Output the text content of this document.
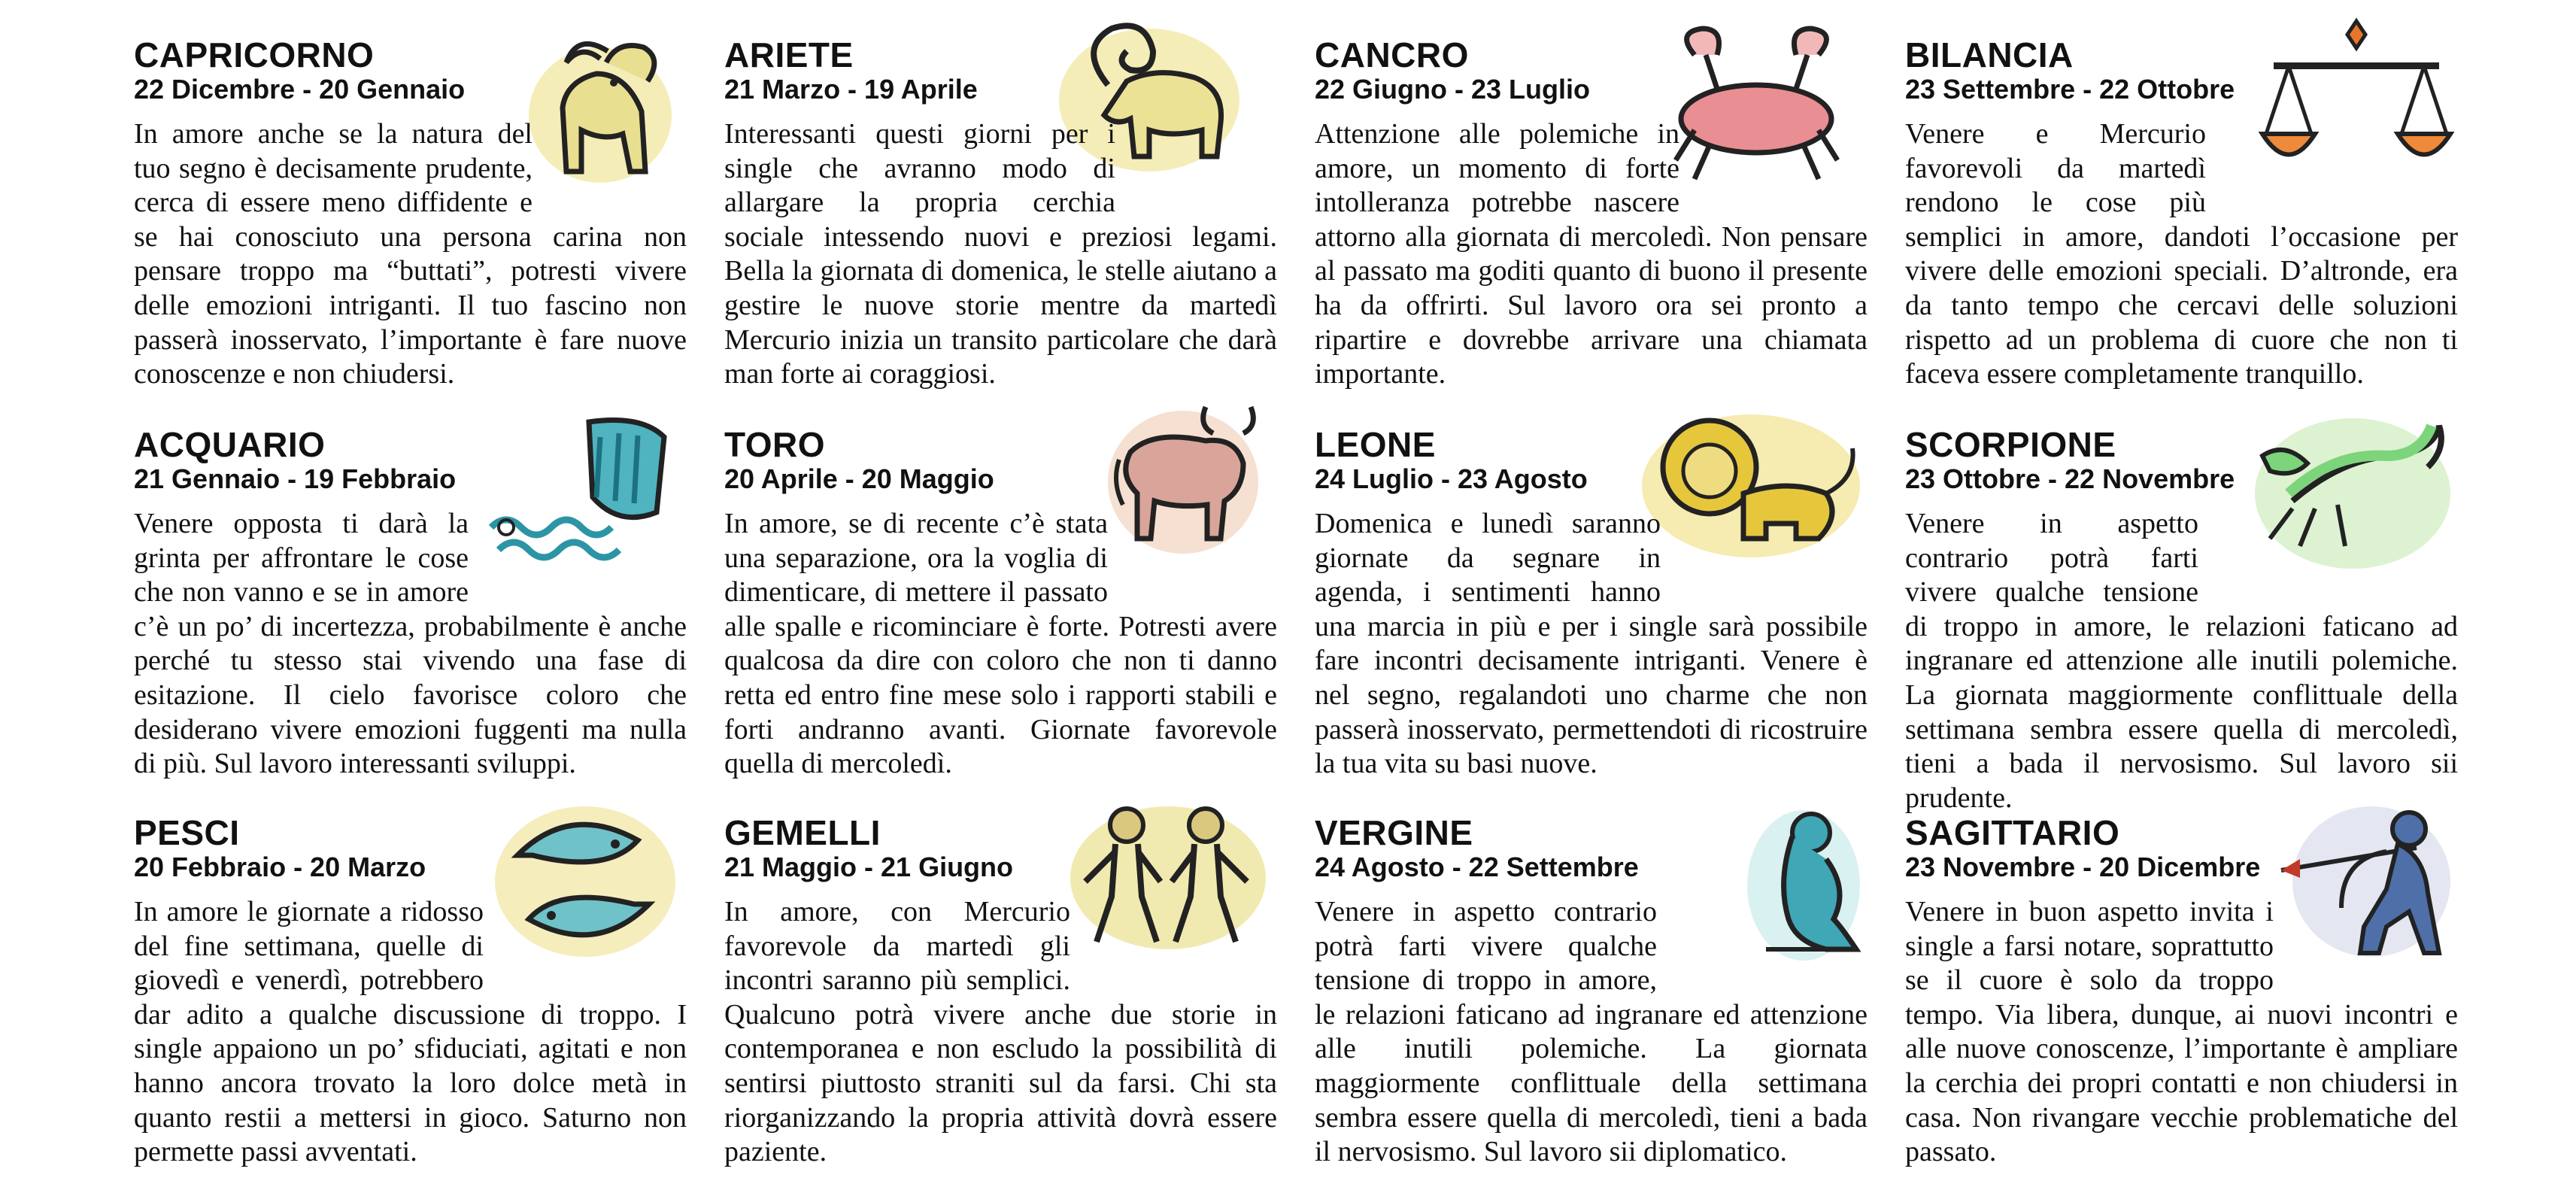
CAPRICORNO
22 Dicembre - 20 Gennaio

In amore anche se la natura del tuo segno è decisamente prudente, cerca di essere meno diffidente e se hai conosciuto una persona carina non pensare troppo ma “buttati”, potresti vivere delle emozioni intriganti. Il tuo fascino non passerà inosservato, l’importante è fare nuove conoscenze e non chiudersi.

ARIETE
21 Marzo - 19 Aprile

Interessanti questi giorni per i single che avranno modo di allargare la propria cerchia sociale intessendo nuovi e preziosi legami. Bella la giornata di domenica, le stelle aiutano a gestire le nuove storie mentre da martedì Mercurio inizia un transito particolare che darà man forte ai coraggiosi.

CANCRO
22 Giugno - 23 Luglio

Attenzione alle polemiche in amore, un momento di forte intolleranza potrebbe nascere attorno alla giornata di mercoledì. Non pensare al passato ma goditi quanto di buono il presente ha da offrirti. Sul lavoro ora sei pronto a ripartire e dovrebbe arrivare una chiamata importante.

BILANCIA
23 Settembre - 22 Ottobre

Venere e Mercurio favorevoli da martedì rendono le cose più semplici in amore, dandoti l’occasione per vivere delle emozioni speciali. D’altronde, era da tanto tempo che cercavi delle soluzioni rispetto ad un problema di cuore che non ti faceva essere completamente tranquillo.

ACQUARIO
21 Gennaio - 19 Febbraio

Venere opposta ti darà la grinta per affrontare le cose che non vanno e se in amore c’è un po’ di incertezza, probabilmente è anche perché tu stesso stai vivendo una fase di esitazione. Il cielo favorisce coloro che desiderano vivere emozioni fuggenti ma nulla di più. Sul lavoro interessanti sviluppi.

TORO
20 Aprile - 20 Maggio

In amore, se di recente c’è stata una separazione, ora la voglia di dimenticare, di mettere il passato alle spalle e ricominciare è forte. Potresti avere qualcosa da dire con coloro che non ti danno retta ed entro fine mese solo i rapporti stabili e forti andranno avanti. Giornate favorevole quella di mercoledì.

LEONE
24 Luglio - 23 Agosto

Domenica e lunedì saranno giornate da segnare in agenda, i sentimenti hanno una marcia in più e per i single sarà possibile fare incontri decisamente intriganti. Venere è nel segno, regalandoti uno charme che non passerà inosservato, permettendoti di ricostruire la tua vita su basi nuove.

SCORPIONE
23 Ottobre - 22 Novembre

Venere in aspetto contrario potrà farti vivere qualche tensione di troppo in amore, le relazioni faticano ad ingranare ed attenzione alle inutili polemiche. La giornata maggiormente conflittuale della settimana sembra essere quella di mercoledì, tieni a bada il nervosismo. Sul lavoro sii prudente.

PESCI
20 Febbraio - 20 Marzo

In amore le giornate a ridosso del fine settimana, quelle di giovedì e venerdì, potrebbero dar adito a qualche discussione di troppo. I single appaiono un po’ sfiduciati, agitati e non hanno ancora trovato la loro dolce metà in quanto restii a mettersi in gioco. Saturno non permette passi avventati.

GEMELLI
21 Maggio - 21 Giugno

In amore, con Mercurio favorevole da martedì gli incontri saranno più semplici. Qualcuno potrà vivere anche due storie in contemporanea e non escludo la possibilità di sentirsi piuttosto straniti sul da farsi. Chi sta riorganizzando la propria attività dovrà essere paziente.

VERGINE
24 Agosto - 22 Settembre

Venere in aspetto contrario potrà farti vivere qualche tensione di troppo in amore, le relazioni faticano ad ingranare ed attenzione alle inutili polemiche. La giornata maggiormente conflittuale della settimana sembra essere quella di mercoledì, tieni a bada il nervosismo. Sul lavoro sii diplomatico.

SAGITTARIO
23 Novembre - 20 Dicembre

Venere in buon aspetto invita i single a farsi notare, soprattutto se il cuore è solo da troppo tempo. Via libera, dunque, ai nuovi incontri e alle nuove conoscenze, l’importante è ampliare la cerchia dei propri contatti e non chiudersi in casa. Non rivangare vecchie problematiche del passato.
